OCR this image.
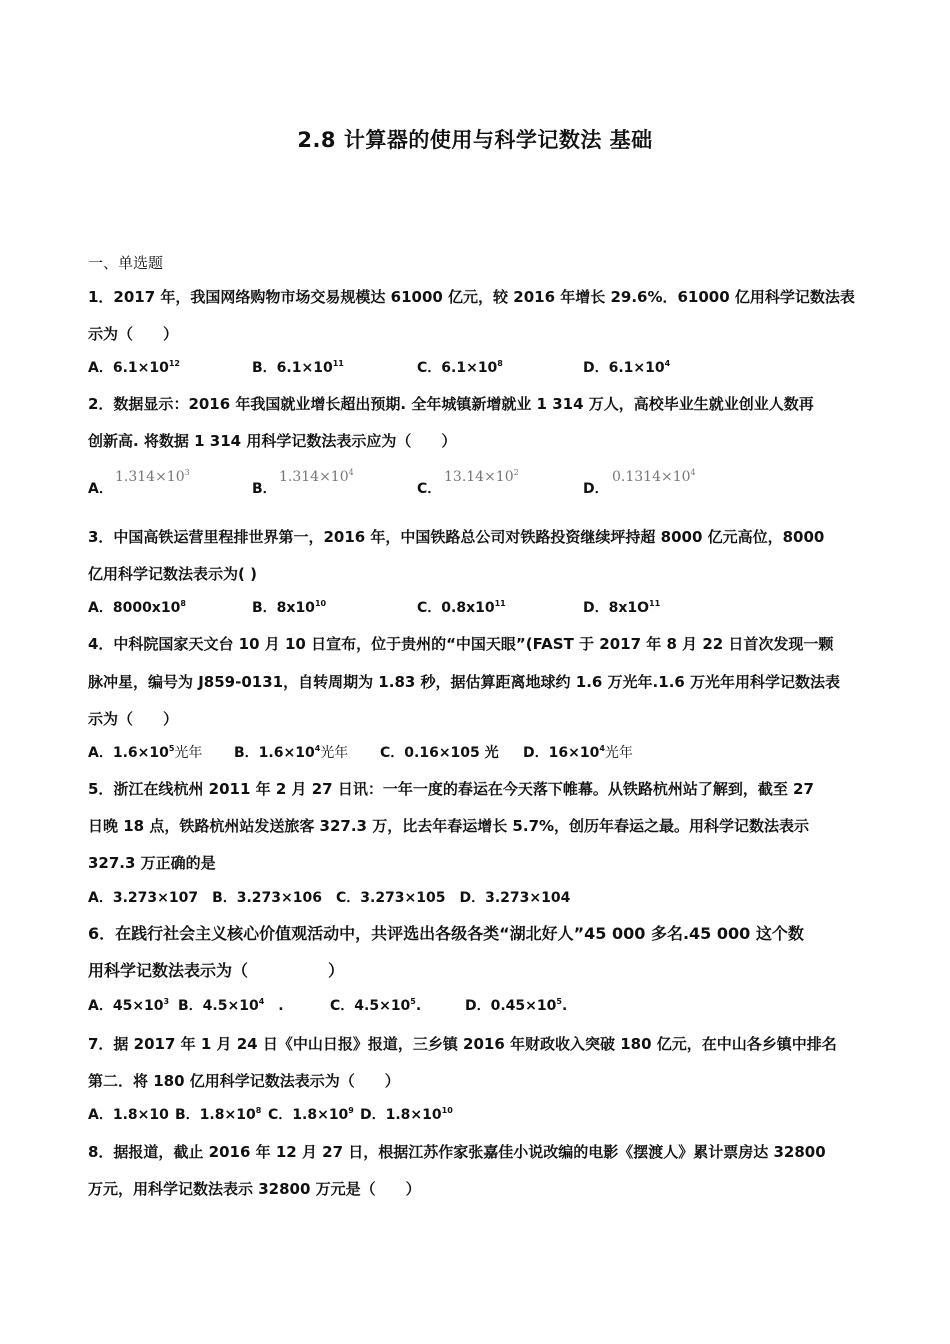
2.8 计算器的使用与科学记数法 基础
一、单选题
1．2017 年，我国网络购物市场交易规模达 61000 亿元，较 2016 年增长 29.6%．61000 亿用科学记数法表
示为（　　）
A．$6.1\times 10^{12}$	B．$6.1\times 10^{11}$	C．$6.1\times 10^8$	D．$6.1\times 10^4$
2．数据显示：2016 年我国就业增长超出预期. 全年城镇新增就业 1 314 万人，高校毕业生就业创业人数再
创新高. 将数据 1 314 用科学记数法表示应为（　　）
A．
$1.314\times 10^3$
B．
$1.314\times 10^4$
C．
$13.14\times 10^2$
D．
$0.1314\times 10^4$
3．中国高铁运营里程排世界第一，2016 年，中国铁路总公司对铁路投资继续坪持超 8000 亿元高位，8000
亿用科学记数法表示为( )
A．$8000x10^8$	B．$8x10^{10}$	C．$0.8x10^{11}$	D．$8x1O^{11}$
4．中科院国家天文台 10 月 10 日宣布，位于贵州的“中国天眼”(FAST 于 2017 年 8 月 22 日首次发现一颗
脉冲星，编号为 J859-0131，自转周期为 1.83 秒，据估算距离地球约 1.6 万光年.1.6 万光年用科学记数法表
示为（　　）
A．$1.6\times 10^5$光年 B．$1.6\times 10^4$光年 C．0.16×105 光 D．$16\times 10^4$光年
5．浙江在线杭州 2011 年 2 月 27 日讯：一年一度的春运在今天落下帷幕。从铁路杭州站了解到，截至 27
日晚 18 点，铁路杭州站发送旅客 327.3 万，比去年春运增长 5.7%，创历年春运之最。用科学记数法表示
327.3 万正确的是
A．3.273×107　B．3.273×106　C．3.273×105　D．3.273×104
6．在践行社会主义核心价值观活动中，共评选出各级各类“湖北好人”45 000 多名.45 000 这个数
用科学记数法表示为（　　　　　）
A．$45\times 10^3$ B．$4.5\times 10^4$　.	C．$4.5\times 10^5$.	D．$0.45\times 10^5$.
7．据 2017 年 1 月 24 日《中山日报》报道，三乡镇 2016 年财政收入突破 180 亿元，在中山各乡镇中排名
第二．将 180 亿用科学记数法表示为（　　）
A．1.8×10 B．$1.8\times 10^8$ C．$1.8\times 10^9$ D．$1.8\times 10^{10}$
8．据报道，截止 2016 年 12 月 27 日，根据江苏作家张嘉佳小说改编的电影《摆渡人》累计票房达 32800
万元，用科学记数法表示 32800 万元是（　　）
